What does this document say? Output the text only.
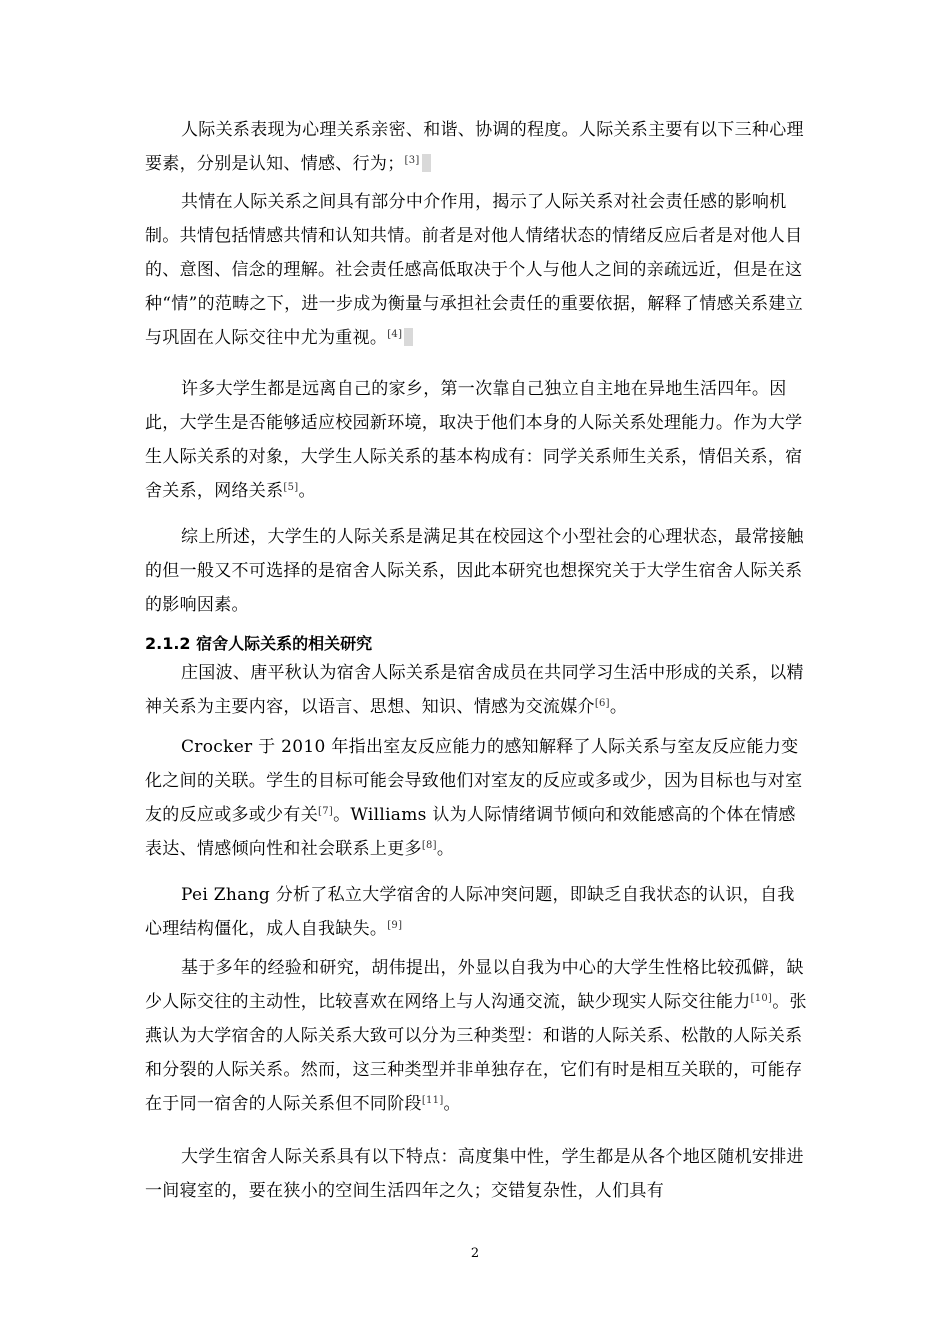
人际关系表现为心理关系亲密、和谐、协调的程度。人际关系主要有以下三种心理要素，分别是认知、情感、行为；[3]

共情在人际关系之间具有部分中介作用，揭示了人际关系对社会责任感的影响机制。共情包括情感共情和认知共情。前者是对他人情绪状态的情绪反应后者是对他人目的、意图、信念的理解。社会责任感高低取决于个人与他人之间的亲疏远近，但是在这种“情”的范畴之下，进一步成为衡量与承担社会责任的重要依据，解释了情感关系建立与巩固在人际交往中尤为重视。[4]

许多大学生都是远离自己的家乡，第一次靠自己独立自主地在异地生活四年。因此，大学生是否能够适应校园新环境，取决于他们本身的人际关系处理能力。作为大学生人际关系的对象，大学生人际关系的基本构成有：同学关系师生关系，情侣关系，宿舍关系，网络关系[5]。

综上所述，大学生的人际关系是满足其在校园这个小型社会的心理状态，最常接触的但一般又不可选择的是宿舍人际关系，因此本研究也想探究关于大学生宿舍人际关系的影响因素。

2.1.2 宿舍人际关系的相关研究

庄国波、唐平秋认为宿舍人际关系是宿舍成员在共同学习生活中形成的关系，以精神关系为主要内容，以语言、思想、知识、情感为交流媒介[6]。

Crocker 于 2010 年指出室友反应能力的感知解释了人际关系与室友反应能力变化之间的关联。学生的目标可能会导致他们对室友的反应或多或少，因为目标也与对室友的反应或多或少有关[7]。Williams 认为人际情绪调节倾向和效能感高的个体在情感表达、情感倾向性和社会联系上更多[8]。

Pei Zhang 分析了私立大学宿舍的人际冲突问题，即缺乏自我状态的认识，自我心理结构僵化，成人自我缺失。[9]

基于多年的经验和研究，胡伟提出，外显以自我为中心的大学生性格比较孤僻，缺少人际交往的主动性，比较喜欢在网络上与人沟通交流，缺少现实人际交往能力[10]。张燕认为大学宿舍的人际关系大致可以分为三种类型：和谐的人际关系、松散的人际关系和分裂的人际关系。然而，这三种类型并非单独存在，它们有时是相互关联的，可能存在于同一宿舍的人际关系但不同阶段[11]。

大学生宿舍人际关系具有以下特点：高度集中性，学生都是从各个地区随机安排进一间寝室的，要在狭小的空间生活四年之久；交错复杂性，人们具有

2
